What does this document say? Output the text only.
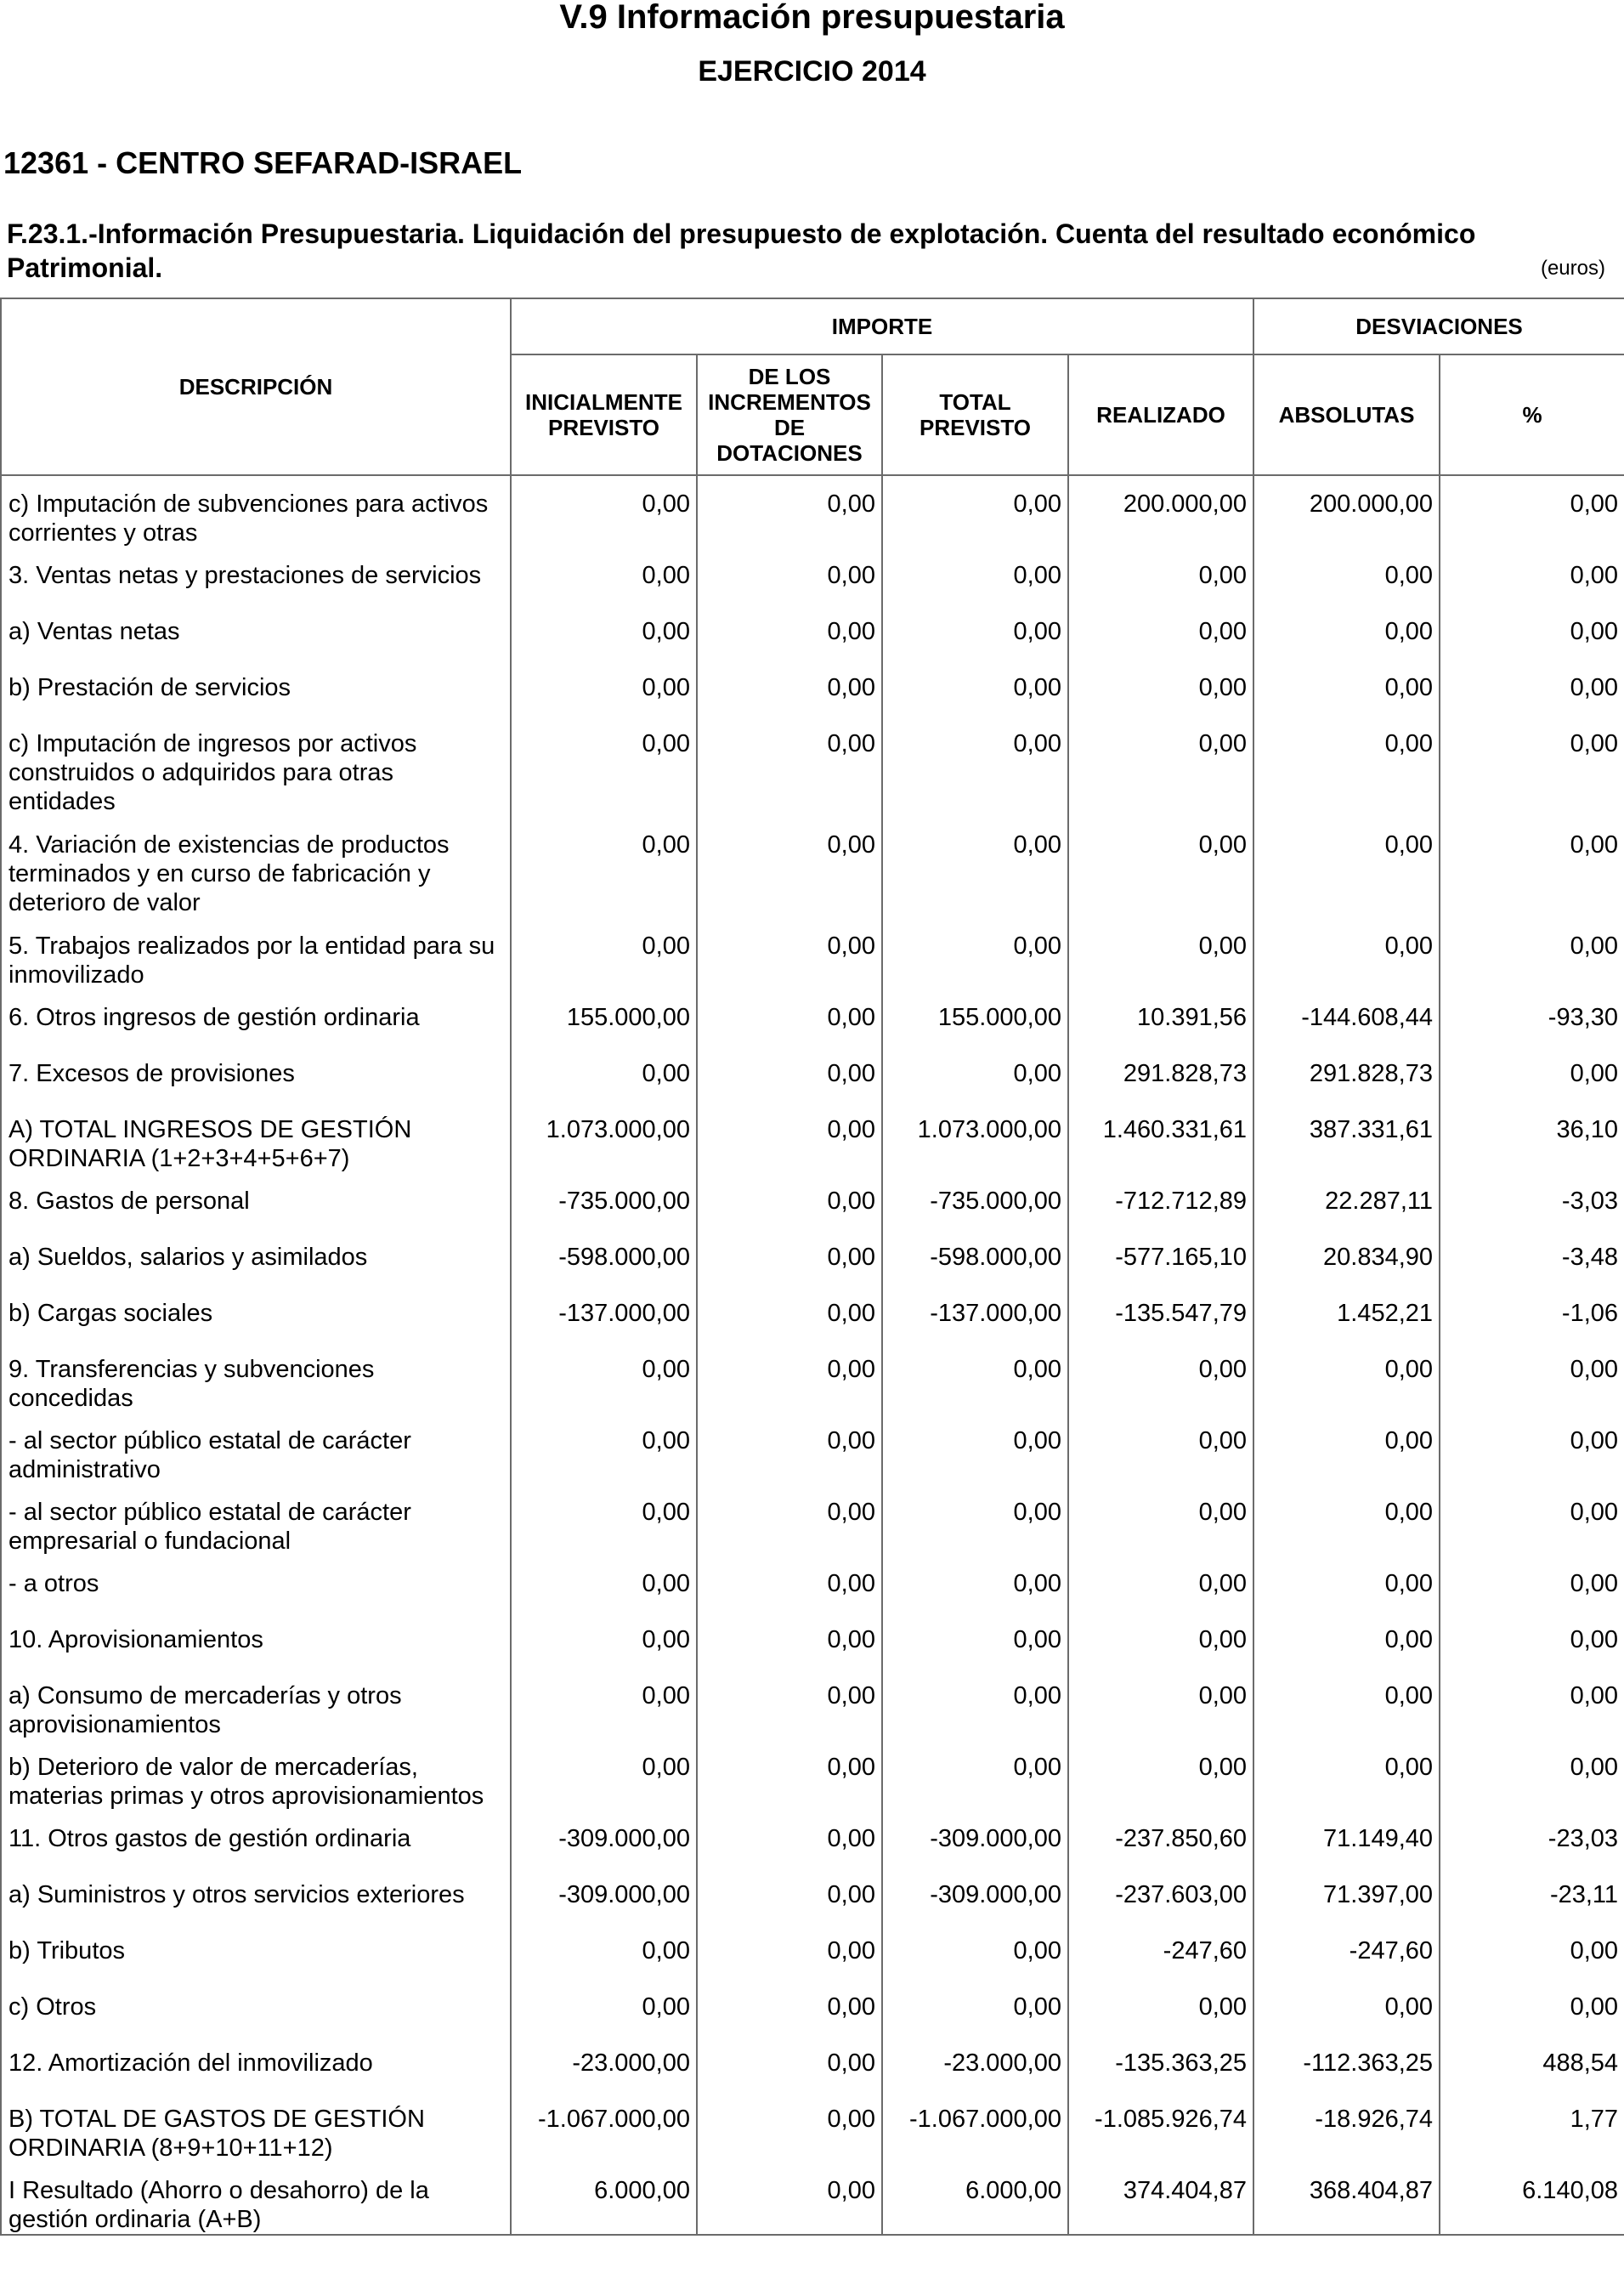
V.9 Información presupuestaria
EJERCICIO 2014
12361 - CENTRO SEFARAD-ISRAEL
F.23.1.-Información Presupuestaria. Liquidación del presupuesto de explotación. Cuenta del resultado económico Patrimonial.	(euros)
DESCRIPCIÓN	IMPORTE				DESVIACIONES	
	INICIALMENTE PREVISTO	DE LOS INCREMENTOS DE DOTACIONES	TOTAL PREVISTO	REALIZADO	ABSOLUTAS	%
c) Imputación de subvenciones para activos corrientes y otras	0,00	0,00	0,00	200.000,00	200.000,00	0,00
3. Ventas netas y prestaciones de servicios	0,00	0,00	0,00	0,00	0,00	0,00
a) Ventas netas	0,00	0,00	0,00	0,00	0,00	0,00
b) Prestación de servicios	0,00	0,00	0,00	0,00	0,00	0,00
c) Imputación de ingresos por activos construidos o adquiridos para otras entidades	0,00	0,00	0,00	0,00	0,00	0,00
4. Variación de existencias de productos terminados y en curso de fabricación y deterioro de valor	0,00	0,00	0,00	0,00	0,00	0,00
5. Trabajos realizados por la entidad para su inmovilizado	0,00	0,00	0,00	0,00	0,00	0,00
6. Otros ingresos de gestión ordinaria	155.000,00	0,00	155.000,00	10.391,56	-144.608,44	-93,30
7. Excesos de provisiones	0,00	0,00	0,00	291.828,73	291.828,73	0,00
A) TOTAL INGRESOS DE GESTIÓN ORDINARIA (1+2+3+4+5+6+7)	1.073.000,00	0,00	1.073.000,00	1.460.331,61	387.331,61	36,10
8. Gastos de personal	-735.000,00	0,00	-735.000,00	-712.712,89	22.287,11	-3,03
a) Sueldos, salarios y asimilados	-598.000,00	0,00	-598.000,00	-577.165,10	20.834,90	-3,48
b) Cargas sociales	-137.000,00	0,00	-137.000,00	-135.547,79	1.452,21	-1,06
9. Transferencias y subvenciones concedidas	0,00	0,00	0,00	0,00	0,00	0,00
- al sector público estatal de carácter administrativo	0,00	0,00	0,00	0,00	0,00	0,00
- al sector público estatal de carácter empresarial o fundacional	0,00	0,00	0,00	0,00	0,00	0,00
- a otros	0,00	0,00	0,00	0,00	0,00	0,00
10. Aprovisionamientos	0,00	0,00	0,00	0,00	0,00	0,00
a) Consumo de mercaderías y otros aprovisionamientos	0,00	0,00	0,00	0,00	0,00	0,00
b) Deterioro de valor de mercaderías, materias primas y otros aprovisionamientos	0,00	0,00	0,00	0,00	0,00	0,00
11. Otros gastos de gestión ordinaria	-309.000,00	0,00	-309.000,00	-237.850,60	71.149,40	-23,03
a) Suministros y otros servicios exteriores	-309.000,00	0,00	-309.000,00	-237.603,00	71.397,00	-23,11
b) Tributos	0,00	0,00	0,00	-247,60	-247,60	0,00
c) Otros	0,00	0,00	0,00	0,00	0,00	0,00
12. Amortización del inmovilizado	-23.000,00	0,00	-23.000,00	-135.363,25	-112.363,25	488,54
B) TOTAL DE GASTOS DE GESTIÓN ORDINARIA (8+9+10+11+12)	-1.067.000,00	0,00	-1.067.000,00	-1.085.926,74	-18.926,74	1,77
I Resultado (Ahorro o desahorro) de la gestión ordinaria (A+B)	6.000,00	0,00	6.000,00	374.404,87	368.404,87	6.140,08
